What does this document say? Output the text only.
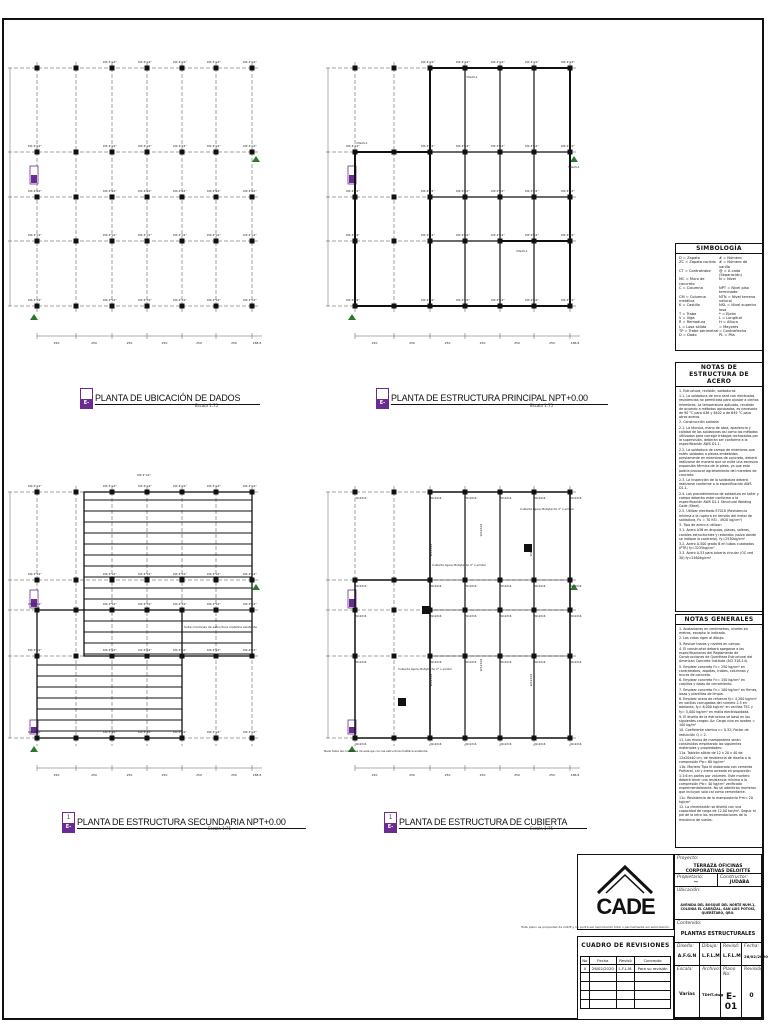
250	250	250	250	250	250	188.8
DR 4"x2"	DR 4"x2"	DR 4"x2"	DR 4"x2"	DR 4"x2"
DR 4"x2"	DR 4"x2"	DR 4"x2"	DR 4"x2"	DR 4"x2"	DR 4"x2"
DR 4"x2"	DR 4"x2"	DR 4"x2"	DR 4"x2"	DR 4"x2"	DR 4"x2"
DR 4"x2"	DR 4"x2"	DR 4"x2"	DR 4"x2"	DR 4"x2"	DR 4"x2"
DR 4"x2"	DR 4"x2"	DR 4"x2"	DR 4"x2"	DR 4"x2"	DR 4"x2"
E-01
PLANTA DE UBICACIÓN DE DADOS
Escala 1:75
250	250	250	250	250	250	188.8
DR 4"x2"	DR 4"x2"	DR 4"x2"	DR 4"x2"	DR 4"x2"
DR 4"x2"	DR 4"x2"	DR 4"x2"	DR 4"x2"	DR 4"x2"	DR 4"x2"
DR 4"x2"	DR 4"x2"	DR 4"x2"	DR 4"x2"	DR 4"x2"	DR 4"x2"
DR 4"x2"	DR 4"x2"	DR 4"x2"	DR 4"x2"	DR 4"x2"	DR 4"x2"
DR 4"x2"	DR 4"x2"	DR 4"x2"	DR 4"x2"	DR 4"x2"	DR 4"x2"
VIGAS-1
VIGAS-1
VIGAS-1
VIGAS-1
E-01
PLANTA DE ESTRUCTURA PRINCIPAL NPT+0.00
Escala 1:75
250	250	250	250	250	250	188.8
DR 4"x2"	DR 4"x2"	DR 4"x2"	DR 4"x2"	DR 4"x2"	DR 4"x2"
DR 4"x2"	DR 4"x2"	DR 4"x2"	DR 4"x2"	DR 4"x2"	DR 4"x2"
DR 4"x2"	DR 4"x2"	DR 4"x2"	DR 4"x2"	DR 4"x2"	DR 4"x2"
DR 4"x2"	DR 4"x2"	DR 4"x2"	DR 4"x2"	DR 4"x2"	DR 4"x2"
DR 4"x2"	DR 4"x2"	DR 4"x2"	DR 4"x2"	DR 4"x2"	DR 4"x2"
DR 4"x2"
Sube columnas de estructura metálica existente
1
E-01
PLANTA DE ESTRUCTURA SECUNDARIA NPT+0.00
Escala 1:75
250	250	250	250	250	250	188.8
W12X16	W12X16	W12X16	W12X16	W12X16	W12X16
W12X16	W12X16	W12X16	W12X16	W12X16	W12X16
W12X16	W12X16	W12X16	W12X16	W12X16	W12X16
W12X16	W12X16	W12X16	W12X16	W12X16	W12X16
W12X16	W12X16	W12X16	W12X16	W12X16	W12X16
W12X16
W12X16
W12X16
W12X16
W12X16
Cubierta ligera Multytecho 2" o similar
Cubierta ligera Multytecho 2" o similar
Cubierta ligera Multytecho 2" o similar
Nivel Sube las columnas de este eje con las estructura metálica existente
1
E-01
PLANTA DE ESTRUCTURA DE CUBIERTA
Escala 1:75
SIMBOLOGÍA
D = Zapata	# = Número
ZC = Zapata corrida # = Número de varilla
CT = Contratrabe	@ = A cada (Separación)
MC = Muro de concreto
N = Nivel
C = Columna	NPT = Nivel piso terminado
CM = Columna metálica
NTN = Nivel terreno natural
K = Castillo	NSL = Nivel superior losa
T = Trabe	* = Ejeón
V = Viga	L = Longitud
R = Remadura	H = Altura
L = Losa sólida	= Mayores
TP = Trabe perimetral = Contraflecha
D = Dado	PL = Pila
NOTAS DE ESTRUCTURA DE ACERO
1. Estructura, revisión, soldaduras
1.1. La soldadura de arco será con electrodos resistencias no permitidas para ajustar a ciertos miembros. La temperatura aplicada, rendirán de acuerdo a métodos aprobados, es necesario de 90 °C para A36 y 8402 o de 649 °C para otros aceros.
2. Construcción soldada
2.1. La técnica, mano de obra, apariencia y calidad de las soldaduras así como los métodos utilizados para corregir trabajos rechazados por la supervisión, deberán ser conforme a la especificación AWS D1.1.
2.2. La soldadura de campo de miembros que estén soldados a piezas embebidas previamente en miembros de concreto, deberá realizarse de manera que se evite una excesiva expansión térmica de la pieza, ya que esto podría provocar agrietamiento del miembro de concreto.
2.3. La inspección de la soldadura deberá realizarse conforme a la especificación AWS D1.1.
2.4. Los procedimientos de soldadura en taller y campo deberán estar conforme a la especificación AWS D1.1 Structural Welding Code (Steel).
2.5. Utilizar electrodo E7018 (Resistencia mínima a la ruptura en tensión del metal de soldadura, Fu = 70 KSI - 4920 kg/cm²)
3. Tipo de acero a utilizar:
3.1. Acero A36 en ángulos, placas, soleras, canales estructurales y redondos (salvo donde se indique lo contrario). fy=2530kg/cm²
3.2. Acero A-500 grado B en tubos cuadrados (PTR) fy=3235kg/cm²
3.3. Acero A-53 para tubería circular (OC ced 30) fy=2460kg/cm²
NOTAS GENERALES
1. Acotaciones en centímetros, niveles en metros, excepto lo indicado.
2. Las cotas rigen al dibujo.
3. Revisar trazos y niveles en campo.
4. El constructor deberá apegarse a las especificaciones del Reglamento de Construcciones de Querétaro Estructural del American Concrete Institute (ACI 318-14).
5. Emplear concreto f'c= 250 kg/cm² en contratrabes, zapatas, trabes, columnas y muros de concreto.
6. Emplear concreto f'c= 150 kg/cm² en castillos y dalas de cerramiento.
7. Emplear concreto f'c= 100 kg/cm² en firmes, losas y plantillas de limpia.
8. Emplear acero de refuerzo fy= 4,200 kg/cm² en varillas corrugadas del número 2.5 en adelante, fy= 6,000 kg/cm² en varillas TEC y fy= 5,000 kg/cm² en malla electrosoldada.
9. El diseño de la estructura se basó en las siguientes cargas: Az: Carga viva en azotea = 100 kg/m²
10. Coeficiente sísmico c= 0.32; Factor de reducción Q = 2.
11. Los muros de mampostería serán construidos empleando los siguientes materiales y propiedades:
11a. Tabicón sólido de 12 x 20 x 40 de 12x20x40 cm, de resistencia de diseño a la compresión f*p= 60 kg/cm²
11b. Mortero Tipo III elaborado con cemento Portland, cal y arena arreada en proporción 1:1:6 en partes por volumen. Este mortero deberá tener una resistencia mínima a la compresión f*b= 40 kg/cm² verificada experimentalmente. No se admitirán morteros que incluyan solo cal como cementante.
11c. Resistencia de la mampostería f*m= 20 kg/cm²
12. La cimentación se diseñó con una capacidad de carga de 12.00 ton/m². Seguir al pie de la letra las recomendaciones de la mecánica de suelos.
CADE
CUADRO DE REVISIONES
No	Fecha	Revisó	Concepto
0	26/02/2020	L.F.L.M.	Para su revisión

Proyecto:
TERRAZA OFICINAS CORPORATIVAS DELOITTE
Propietario:
—
Constructor:
JUDABA
Ubicación:
AVENIDA DEL BOSQUE DEL NORTE NUM.1, COLONIA EL CARRIZAL, SAN LUIS POTOSÍ, QUERÉTARO, QRO.
Contenido:
PLANTAS ESTRUCTURALES
Diseño:
A.F.G.N
Dibujo:
L.F.L.M.
Revisó:
L.F.L.M.
Fecha:
26/02/2020
Escala:
Varias
Archivo:
TDHT.dwg
Plano No:
E-01
Revisión:
0
Este plano es propiedad de CADE y no podrá ser reproducido total o parcialmente sin autorización.
